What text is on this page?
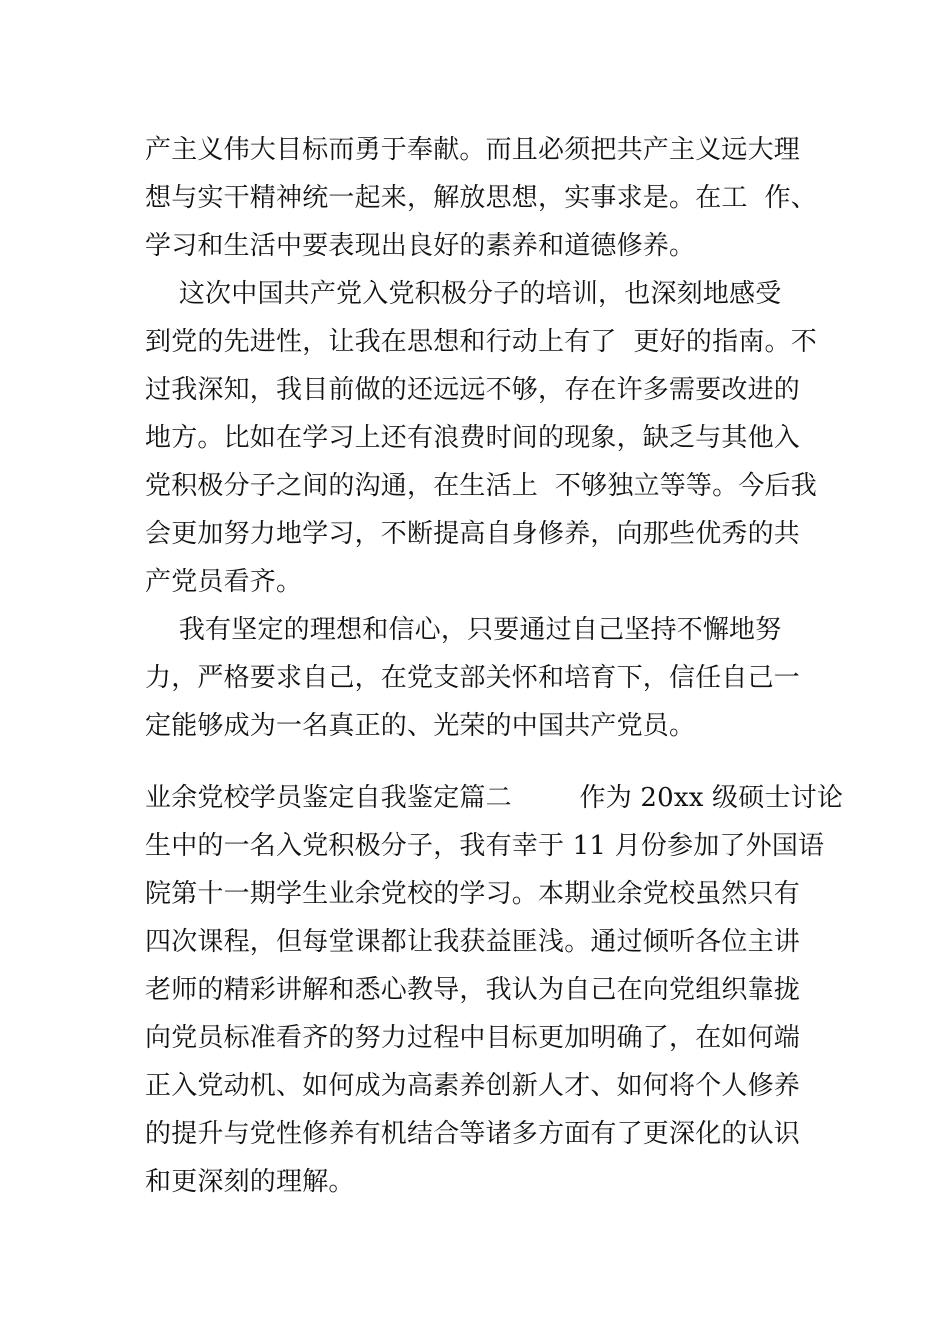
产主义伟大目标而勇于奉献。而且必须把共产主义远大理
想与实干精神统一起来，解放思想，实事求是。在工  作、
学习和生活中要表现出良好的素养和道德修养。
这次中国共产党入党积极分子的培训，也深刻地感受
到党的先进性，让我在思想和行动上有了  更好的指南。不
过我深知，我目前做的还远远不够，存在许多需要改进的
地方。比如在学习上还有浪费时间的现象，缺乏与其他入
党积极分子之间的沟通，在生活上  不够独立等等。今后我
会更加努力地学习，不断提高自身修养，向那些优秀的共
产党员看齐。
我有坚定的理想和信心，只要通过自己坚持不懈地努
力，严格要求自己，在党支部关怀和培育下，信任自己一
定能够成为一名真正的、光荣的中国共产党员。
业余党校学员鉴定自我鉴定篇二        作为 20xx 级硕士讨论
生中的一名入党积极分子，我有幸于 11 月份参加了外国语
院第十一期学生业余党校的学习。本期业余党校虽然只有
四次课程，但每堂课都让我获益匪浅。通过倾听各位主讲
老师的精彩讲解和悉心教导，我认为自己在向党组织靠拢
向党员标准看齐的努力过程中目标更加明确了，在如何端
正入党动机、如何成为高素养创新人才、如何将个人修养
的提升与党性修养有机结合等诸多方面有了更深化的认识
和更深刻的理解。
